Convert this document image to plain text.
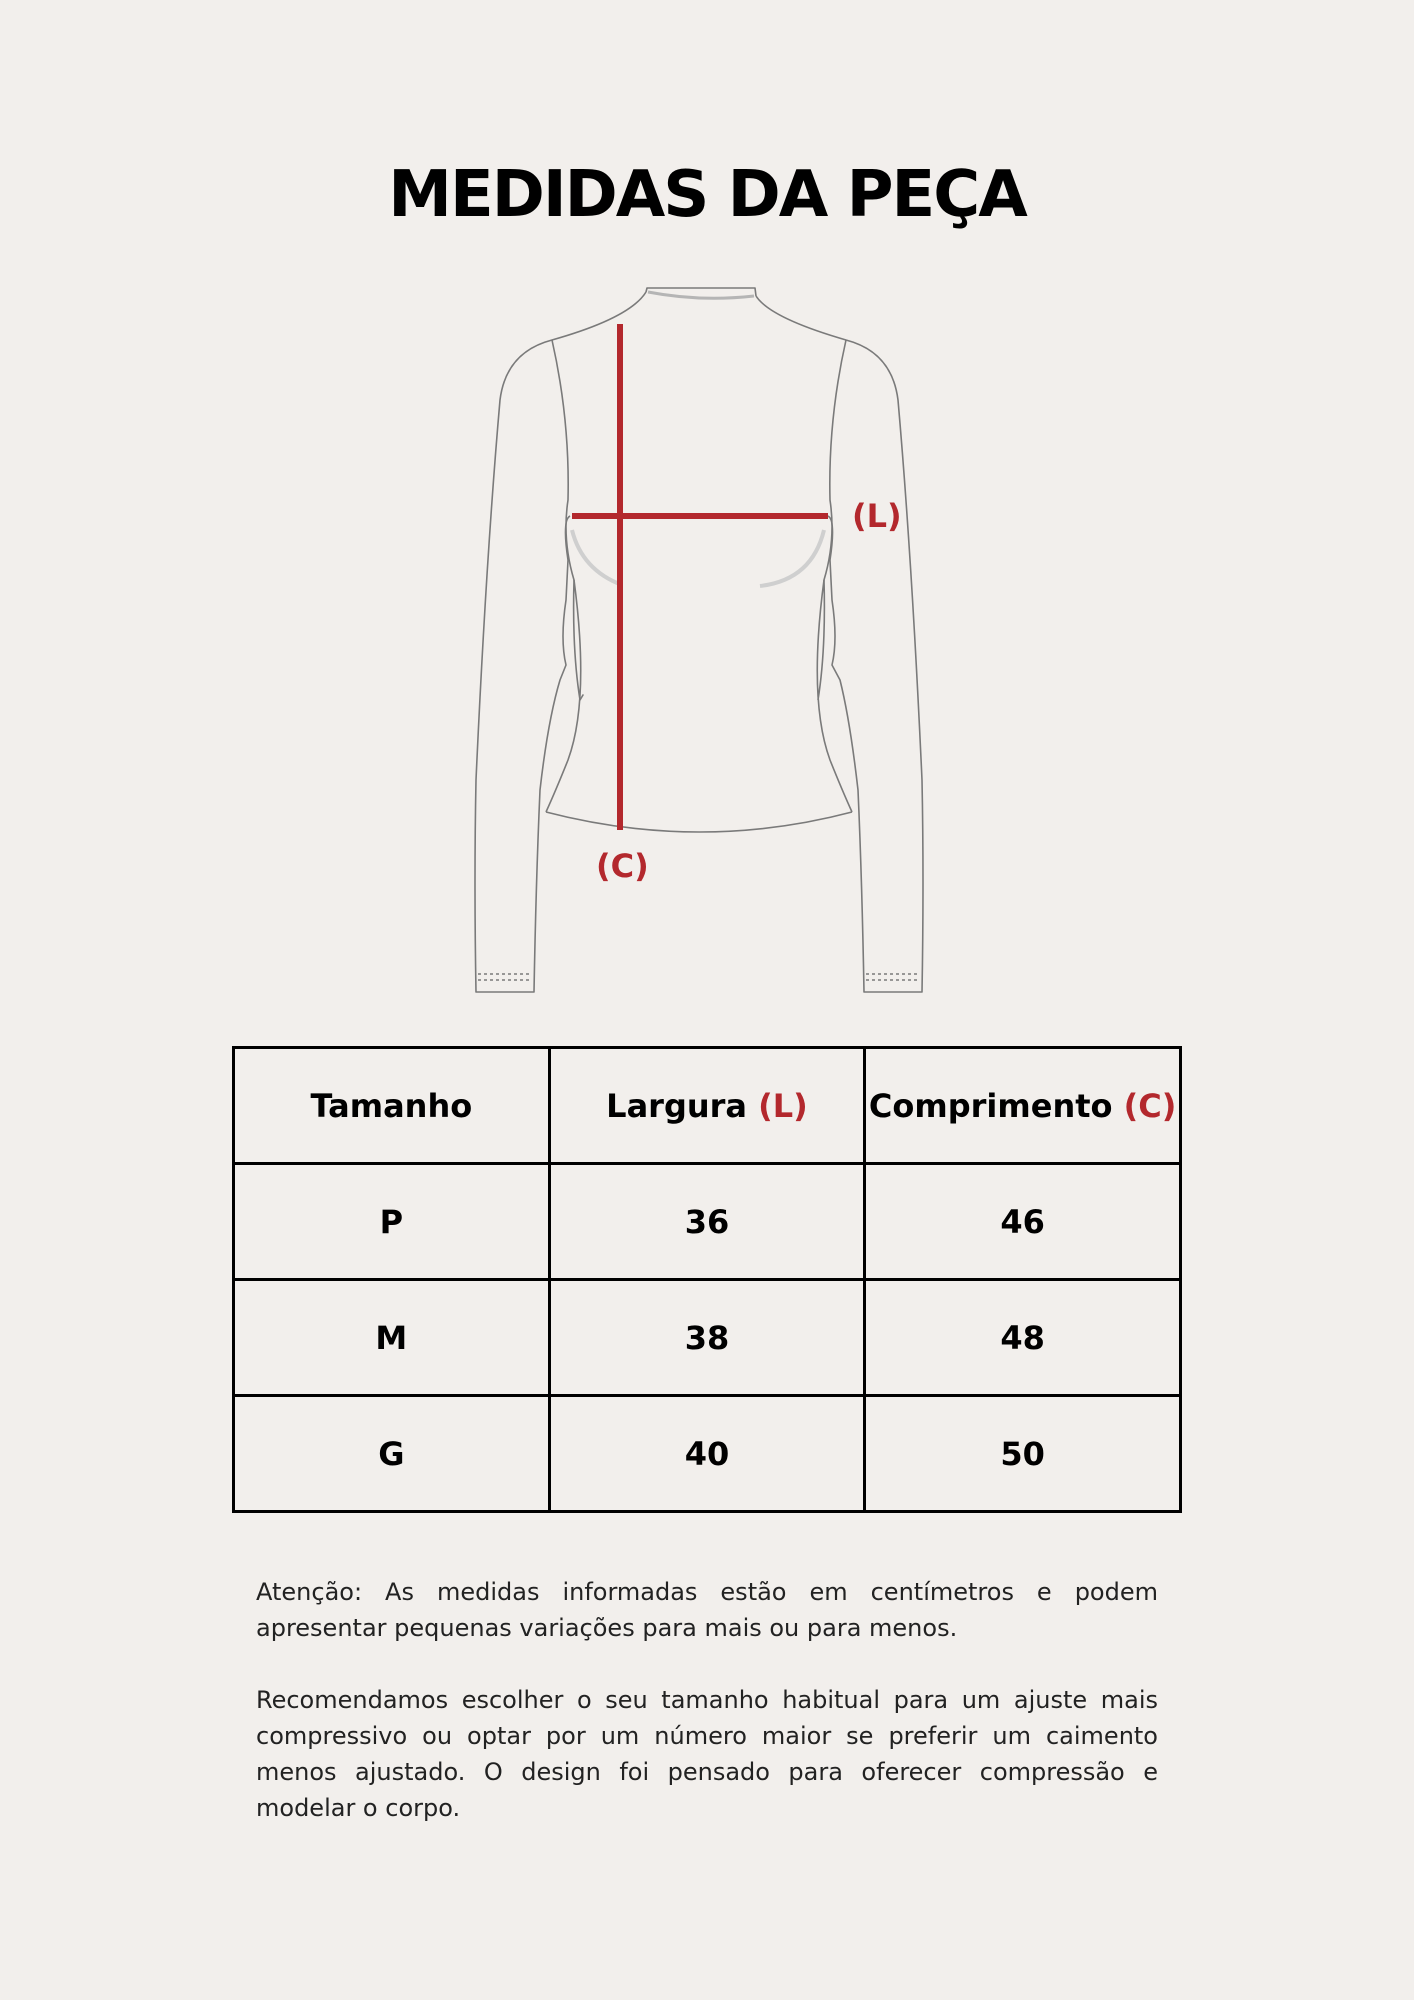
MEDIDAS DA PEÇA
(L)
(C)
Tamanho	Largura (L)	Comprimento (C)
P	36	46
M	38	48
G	40	50

Atenção: As medidas informadas estão em centímetros e podem apresentar pequenas variações para mais ou para menos.

Recomendamos escolher o seu tamanho habitual para um ajuste mais compressivo ou optar por um número maior se preferir um caimento menos ajustado. O design foi pensado para oferecer compressão e modelar o corpo.
